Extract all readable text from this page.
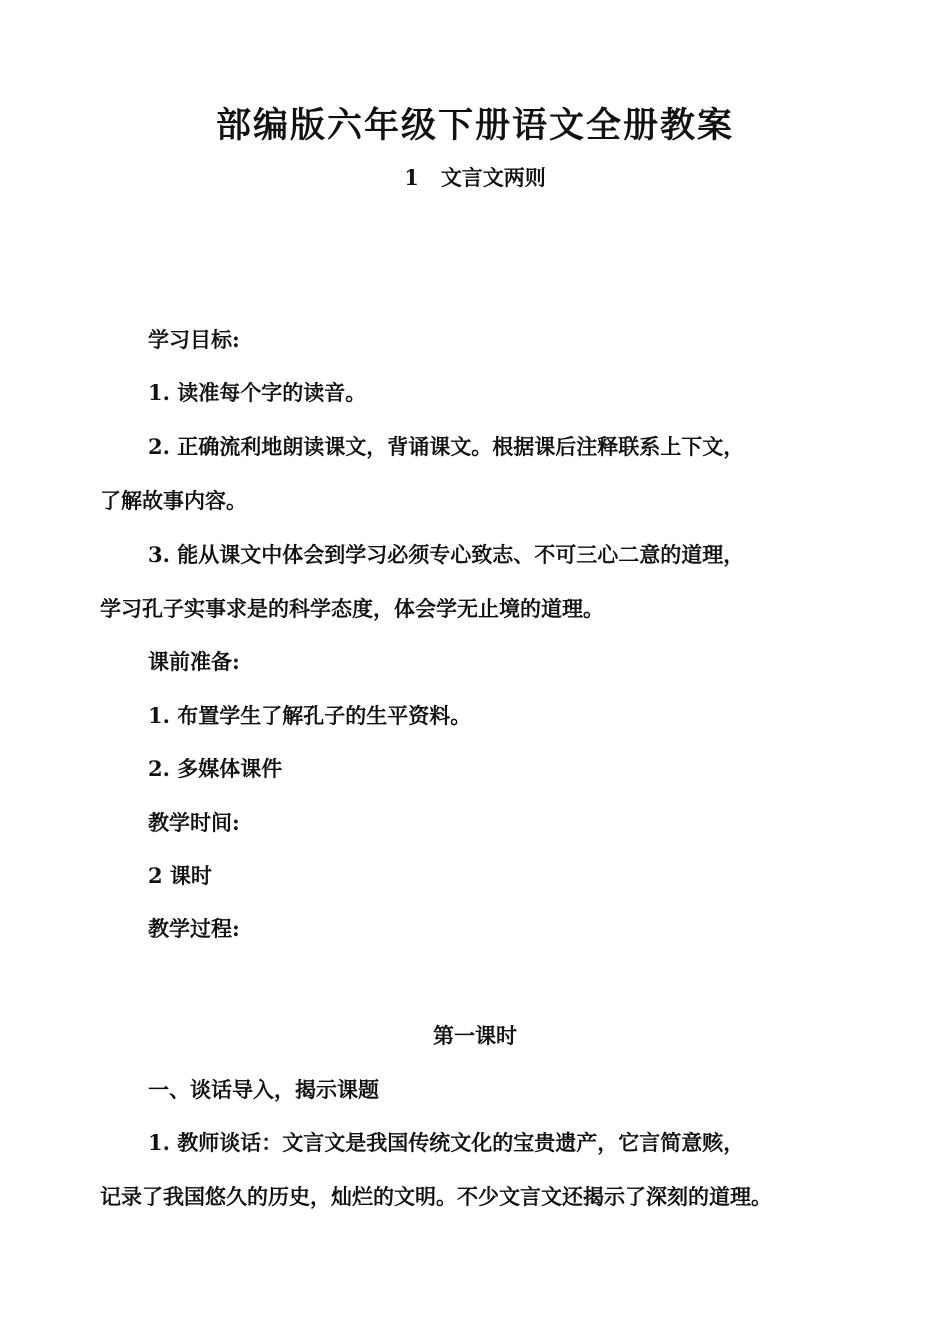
部编版六年级下册语文全册教案
1 文言文两则
学习目标:
1. 读准每个字的读音。
2. 正确流利地朗读课文，背诵课文。根据课后注释联系上下文，
了解故事内容。
3. 能从课文中体会到学习必须专心致志、不可三心二意的道理，
学习孔子实事求是的科学态度，体会学无止境的道理。
课前准备:
1. 布置学生了解孔子的生平资料。
2. 多媒体课件
教学时间:
2 课时
教学过程:
第一课时
一、谈话导入，揭示课题
1. 教师谈话：文言文是我国传统文化的宝贵遗产，它言简意赅，
记录了我国悠久的历史，灿烂的文明。不少文言文还揭示了深刻的道理。
